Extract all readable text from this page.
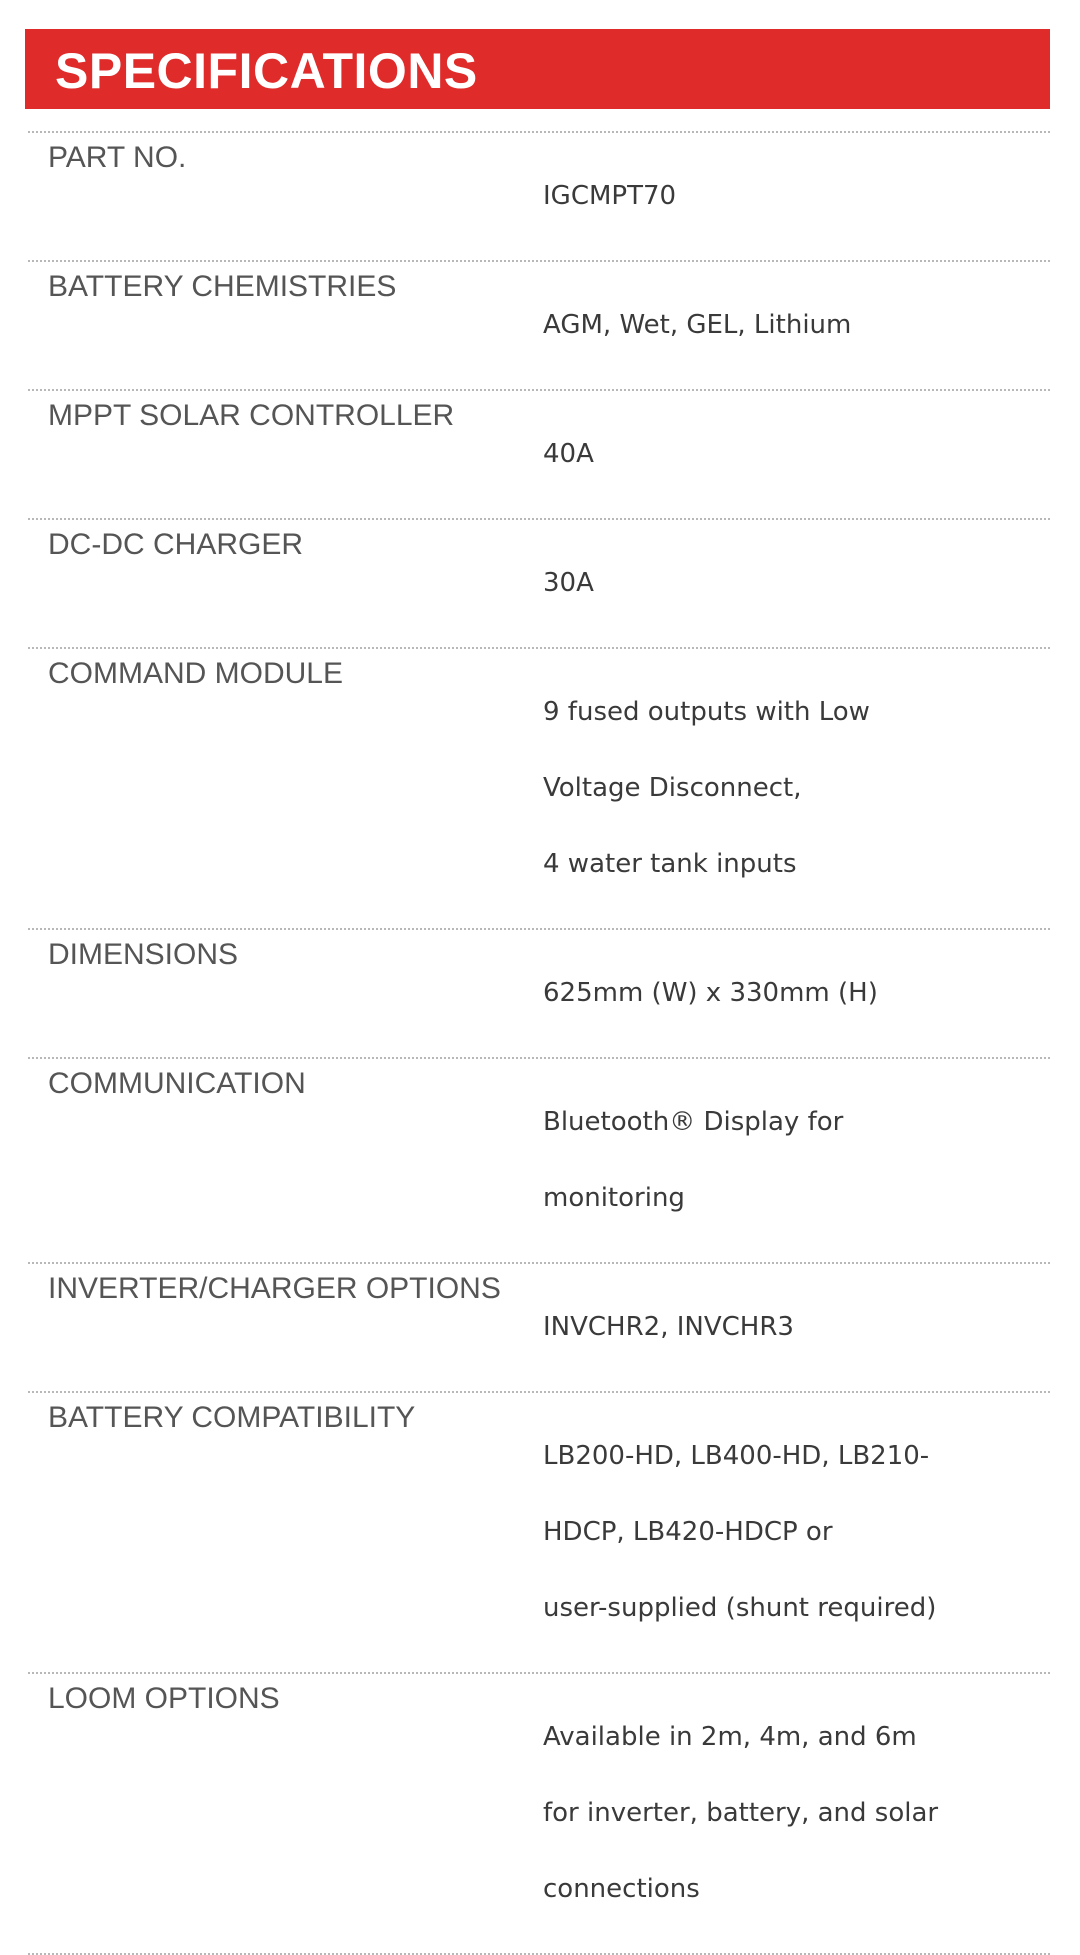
SPECIFICATIONS
PART NO.

IGCMPT70

BATTERY CHEMISTRIES

AGM, Wet, GEL, Lithium

MPPT SOLAR CONTROLLER

40A

DC-DC CHARGER

30A

COMMAND MODULE

9 fused outputs with Low

Voltage Disconnect,

4 water tank inputs

DIMENSIONS

625mm (W) x 330mm (H)

COMMUNICATION

Bluetooth® Display for

monitoring

INVERTER/CHARGER OPTIONS

INVCHR2, INVCHR3

BATTERY COMPATIBILITY

LB200-HD, LB400-HD, LB210-

HDCP, LB420-HDCP or

user-supplied (shunt required)

LOOM OPTIONS

Available in 2m, 4m, and 6m

for inverter, battery, and solar

connections
